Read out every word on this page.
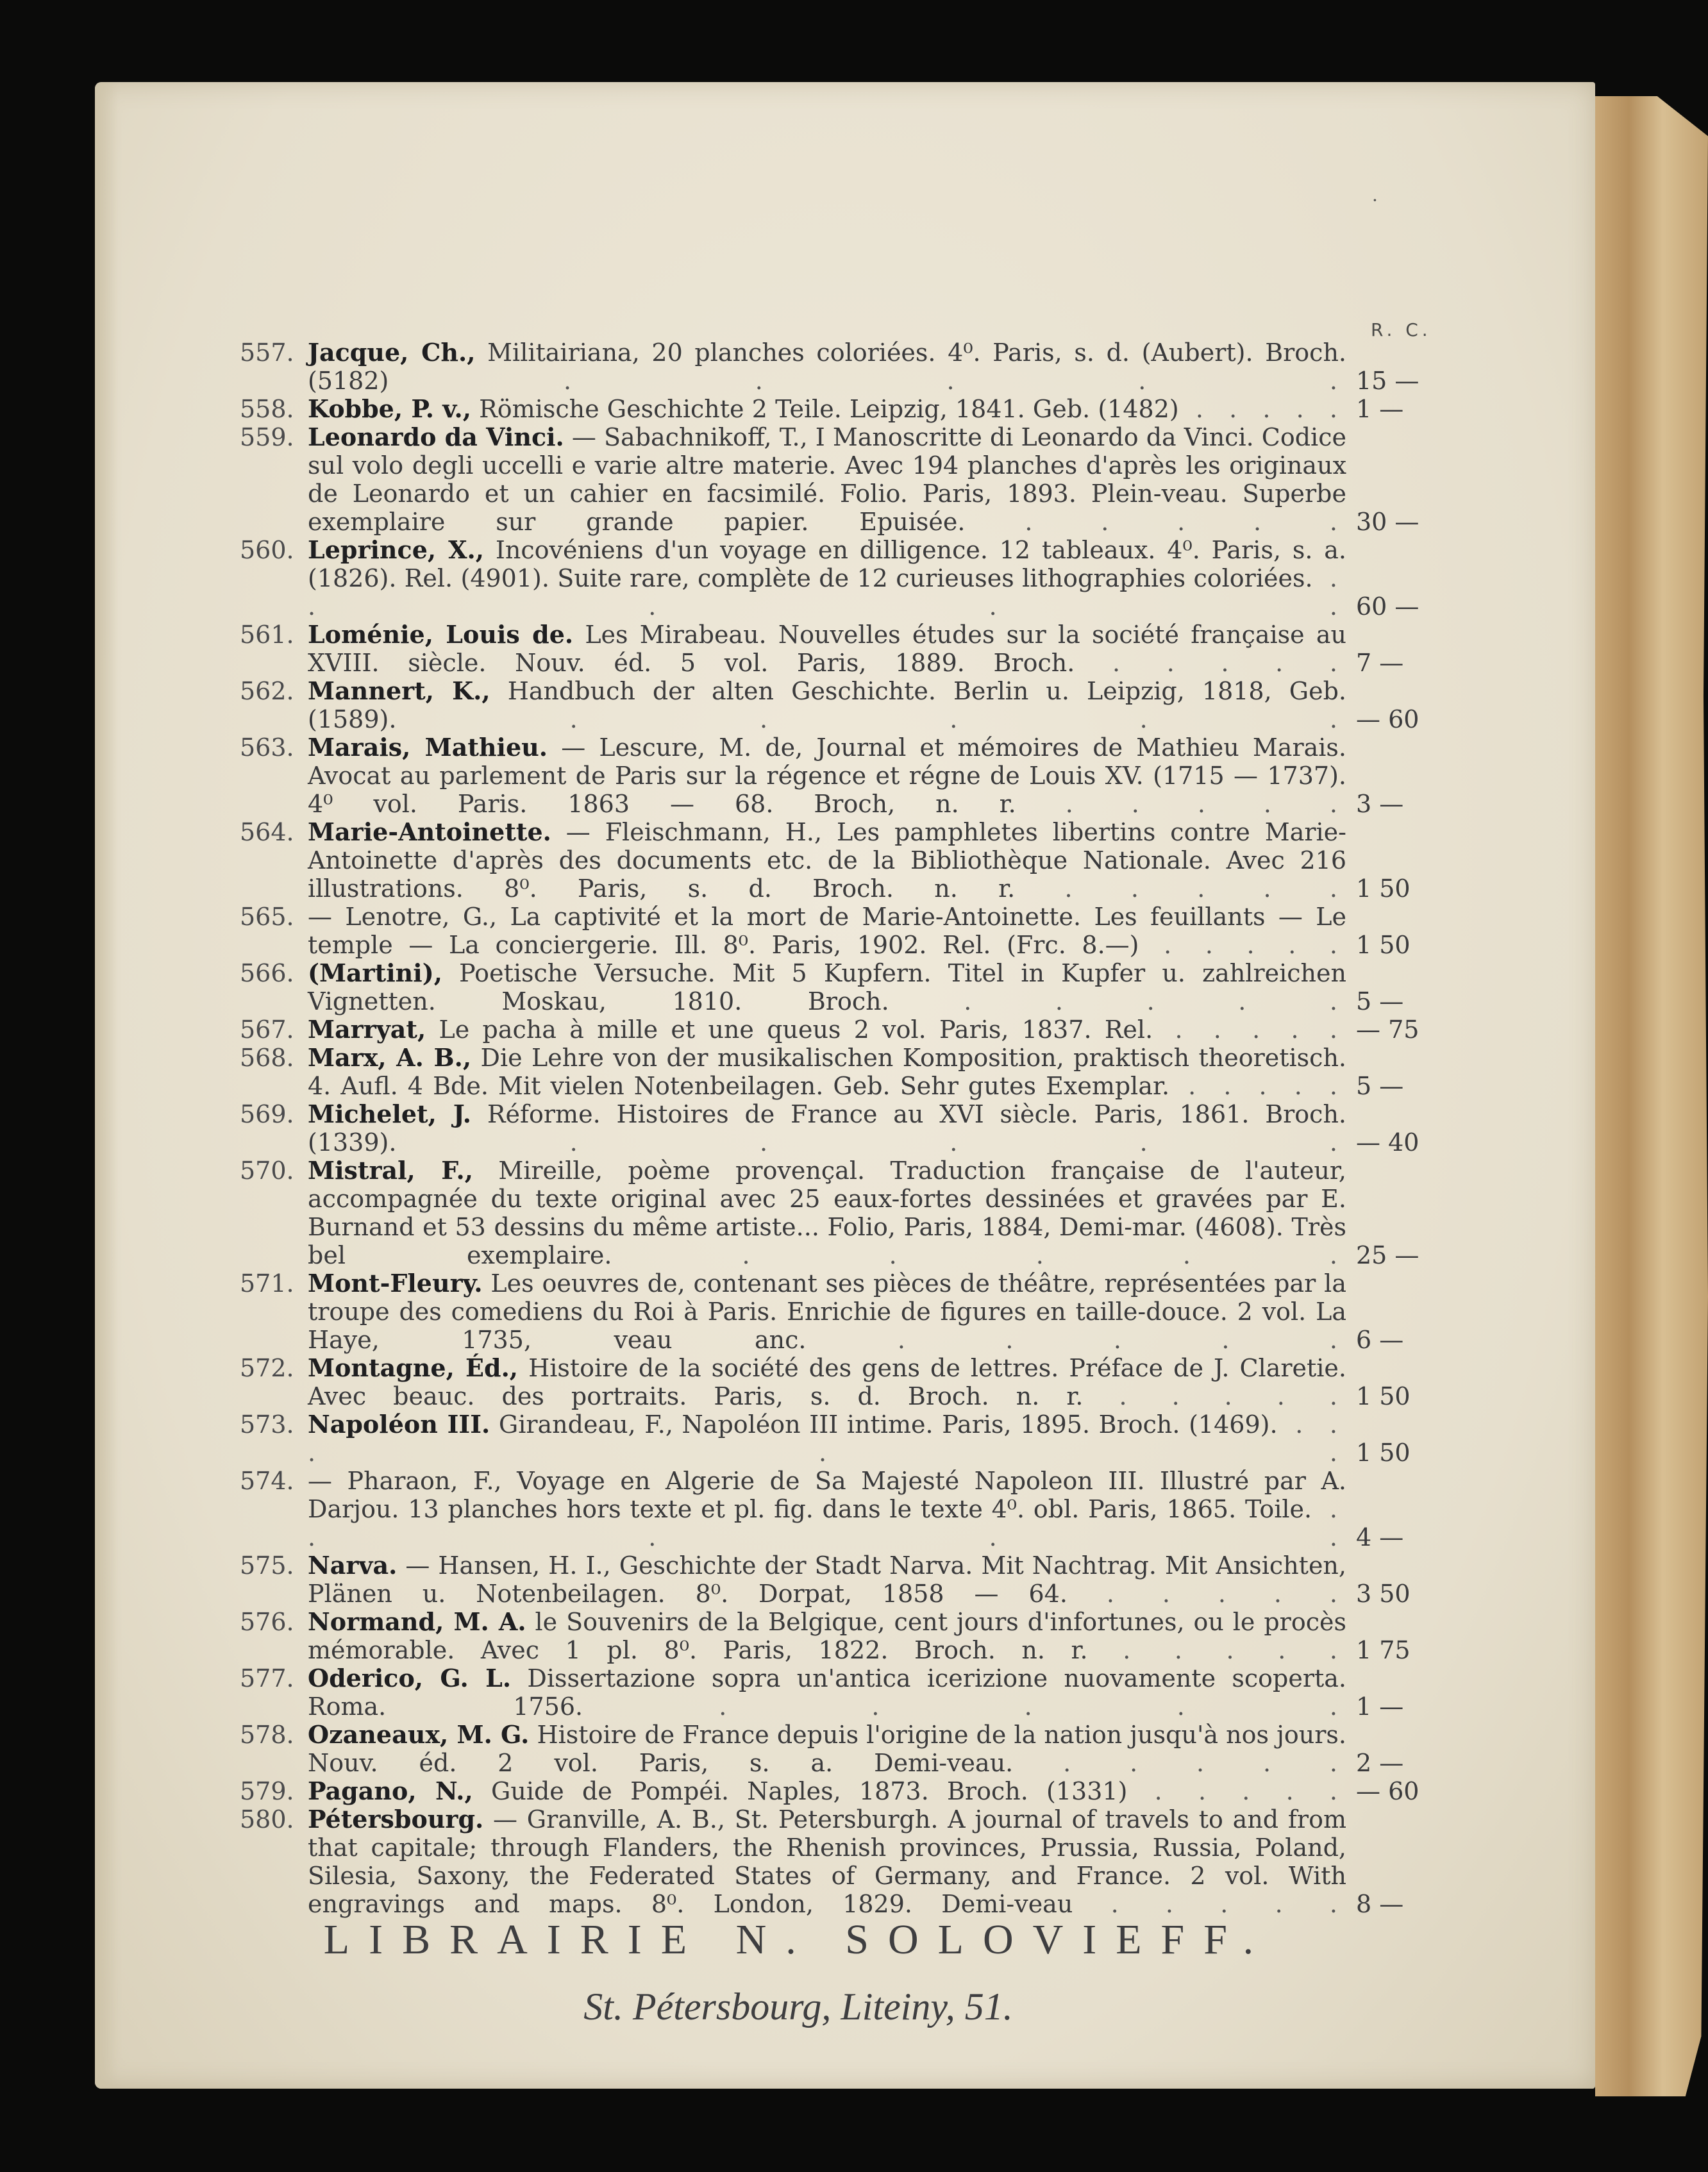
·
R. C.
557. Jacque, Ch., Militairiana, 20 planches coloriées. 4⁰. Paris, s. d. (Aubert). Broch. (5182) . . . . . 15 —
558. Kobbe, P. v., Römische Geschichte 2 Teile. Leipzig, 1841. Geb. (1482) . . . . . 1 —
559. Leonardo da Vinci. — Sabachnikoff, T., I Manoscritte di Leonardo da Vinci. Codice sul volo degli uccelli e varie altre materie. Avec 194 planches d'après les originaux de Leonardo et un cahier en facsimilé. Folio. Paris, 1893. Plein-veau. Superbe exemplaire sur grande papier. Epuisée. . . . . . 30 —
560. Leprince, X., Incovéniens d'un voyage en dilligence. 12 tableaux. 4⁰. Paris, s. a. (1826). Rel. (4901). Suite rare, complète de 12 curieuses lithographies coloriées. . . . . . 60 —
561. Loménie, Louis de. Les Mirabeau. Nouvelles études sur la société française au XVIII. siècle. Nouv. éd. 5 vol. Paris, 1889. Broch. . . . . . 7 —
562. Mannert, K., Handbuch der alten Geschichte. Berlin u. Leipzig, 1818, Geb. (1589). . . . . . — 60
563. Marais, Mathieu. — Lescure, M. de, Journal et mémoires de Mathieu Marais. Avocat au parlement de Paris sur la régence et régne de Louis XV. (1715 — 1737). 4⁰ vol. Paris. 1863 — 68. Broch, n. r. . . . . . 3 —
564. Marie-Antoinette. — Fleischmann, H., Les pamphletes libertins contre Marie-Antoinette d'après des documents etc. de la Bibliothèque Nationale. Avec 216 illustrations. 8⁰. Paris, s. d. Broch. n. r. . . . . . 1 50
565. — Lenotre, G., La captivité et la mort de Marie-Antoinette. Les feuillants — Le temple — La conciergerie. Ill. 8⁰. Paris, 1902. Rel. (Frc. 8.—) . . . . . 1 50
566. (Martini), Poetische Versuche. Mit 5 Kupfern. Titel in Kupfer u. zahlreichen Vignetten. Moskau, 1810. Broch. . . . . . 5 —
567. Marryat, Le pacha à mille et une queus 2 vol. Paris, 1837. Rel. . . . . . — 75
568. Marx, A. B., Die Lehre von der musikalischen Komposition, praktisch theoretisch. 4. Aufl. 4 Bde. Mit vielen Notenbeilagen. Geb. Sehr gutes Exemplar. . . . . . 5 —
569. Michelet, J. Réforme. Histoires de France au XVI siècle. Paris, 1861. Broch. (1339). . . . . . — 40
570. Mistral, F., Mireille, poème provençal. Traduction française de l'auteur, accompagnée du texte original avec 25 eaux-fortes dessinées et gravées par E. Burnand et 53 dessins du même artiste... Folio, Paris, 1884, Demi-mar. (4608). Très bel exemplaire. . . . . . 25 —
571. Mont-Fleury. Les oeuvres de, contenant ses pièces de théâtre, représentées par la troupe des comediens du Roi à Paris. Enrichie de figures en taille-douce. 2 vol. La Haye, 1735, veau anc. . . . . . 6 —
572. Montagne, Éd., Histoire de la société des gens de lettres. Préface de J. Claretie. Avec beauc. des portraits. Paris, s. d. Broch. n. r. . . . . . 1 50
573. Napoléon III. Girandeau, F., Napoléon III intime. Paris, 1895. Broch. (1469). . . . . . 1 50
574. — Pharaon, F., Voyage en Algerie de Sa Majesté Napoleon III. Illustré par A. Darjou. 13 planches hors texte et pl. fig. dans le texte 4⁰. obl. Paris, 1865. Toile. . . . . . 4 —
575. Narva. — Hansen, H. I., Geschichte der Stadt Narva. Mit Nachtrag. Mit Ansichten, Plänen u. Notenbeilagen. 8⁰. Dorpat, 1858 — 64. . . . . . 3 50
576. Normand, M. A. le Souvenirs de la Belgique, cent jours d'infortunes, ou le procès mémorable. Avec 1 pl. 8⁰. Paris, 1822. Broch. n. r. . . . . . 1 75
577. Oderico, G. L. Dissertazione sopra un'antica icerizione nuovamente scoperta. Roma. 1756. . . . . . 1 —
578. Ozaneaux, M. G. Histoire de France depuis l'origine de la nation jusqu'à nos jours. Nouv. éd. 2 vol. Paris, s. a. Demi-veau. . . . . . 2 —
579. Pagano, N., Guide de Pompéi. Naples, 1873. Broch. (1331) . . . . . — 60
580. Pétersbourg. — Granville, A. B., St. Petersburgh. A journal of travels to and from that capitale; through Flanders, the Rhenish provinces, Prussia, Russia, Poland, Silesia, Saxony, the Federated States of Germany, and France. 2 vol. With engravings and maps. 8⁰. London, 1829. Demi-veau . . . . . 8 —
LIBRAIRIE N. SOLOVIEFF.
St. Pétersbourg, Liteiny, 51.
